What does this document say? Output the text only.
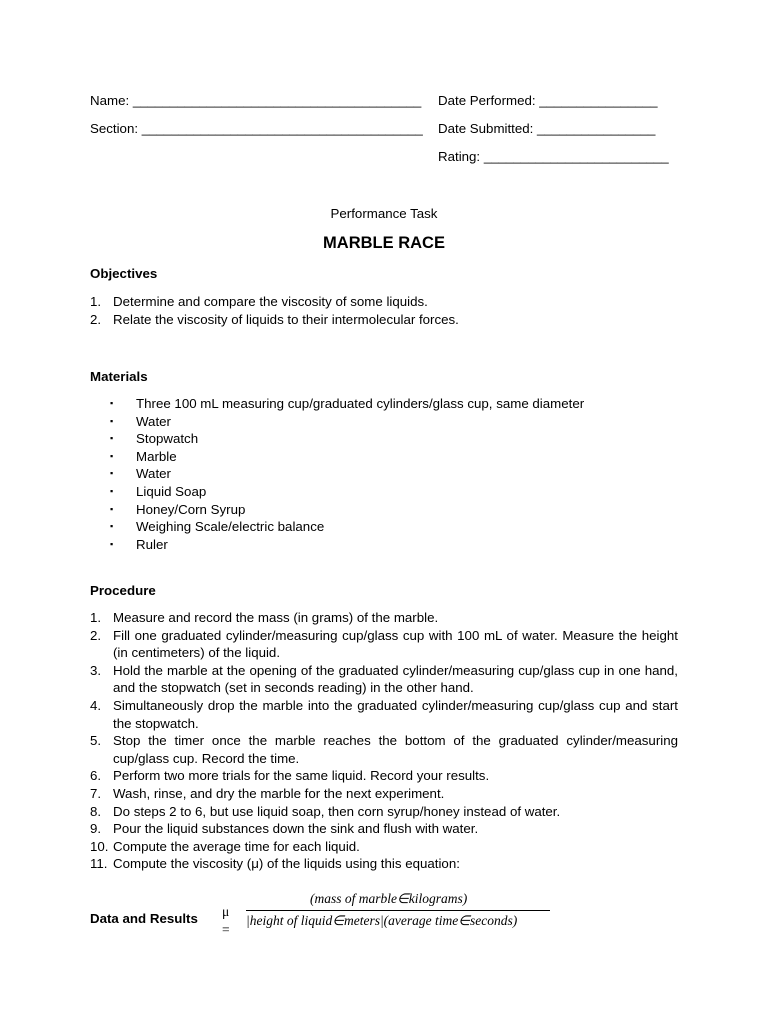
Name: _______________________________________ Date Performed: ________________
Section: ______________________________________ Date Submitted: ________________
Rating: _________________________
Performance Task
MARBLE RACE
Objectives
1. Determine and compare the viscosity of some liquids.
2. Relate the viscosity of liquids to their intermolecular forces.
Materials
▪	Three 100 mL measuring cup/graduated cylinders/glass cup, same diameter
▪	Water
▪	Stopwatch
▪	Marble
▪	Water
▪	Liquid Soap
▪	Honey/Corn Syrup
▪	Weighing Scale/electric balance
▪	Ruler
Procedure
1. Measure and record the mass (in grams) of the marble.
2. Fill one graduated cylinder/measuring cup/glass cup with 100 mL of water. Measure the height (in centimeters) of the liquid.
3. Hold the marble at the opening of the graduated cylinder/measuring cup/glass cup in one hand, and the stopwatch (set in seconds reading) in the other hand.
4. Simultaneously drop the marble into the graduated cylinder/measuring cup/glass cup and start the stopwatch.
5. Stop the timer once the marble reaches the bottom of the graduated cylinder/measuring cup/glass cup. Record the time.
6. Perform two more trials for the same liquid. Record your results.
7. Wash, rinse, and dry the marble for the next experiment.
8. Do steps 2 to 6, but use liquid soap, then corn syrup/honey instead of water.
9. Pour the liquid substances down the sink and flush with water.
10. Compute the average time for each liquid.
11. Compute the viscosity (μ) of the liquids using this equation:
Data and Results μ =
(mass of marble∈kilograms)
|height of liquid∈meters|(average time∈seconds)
